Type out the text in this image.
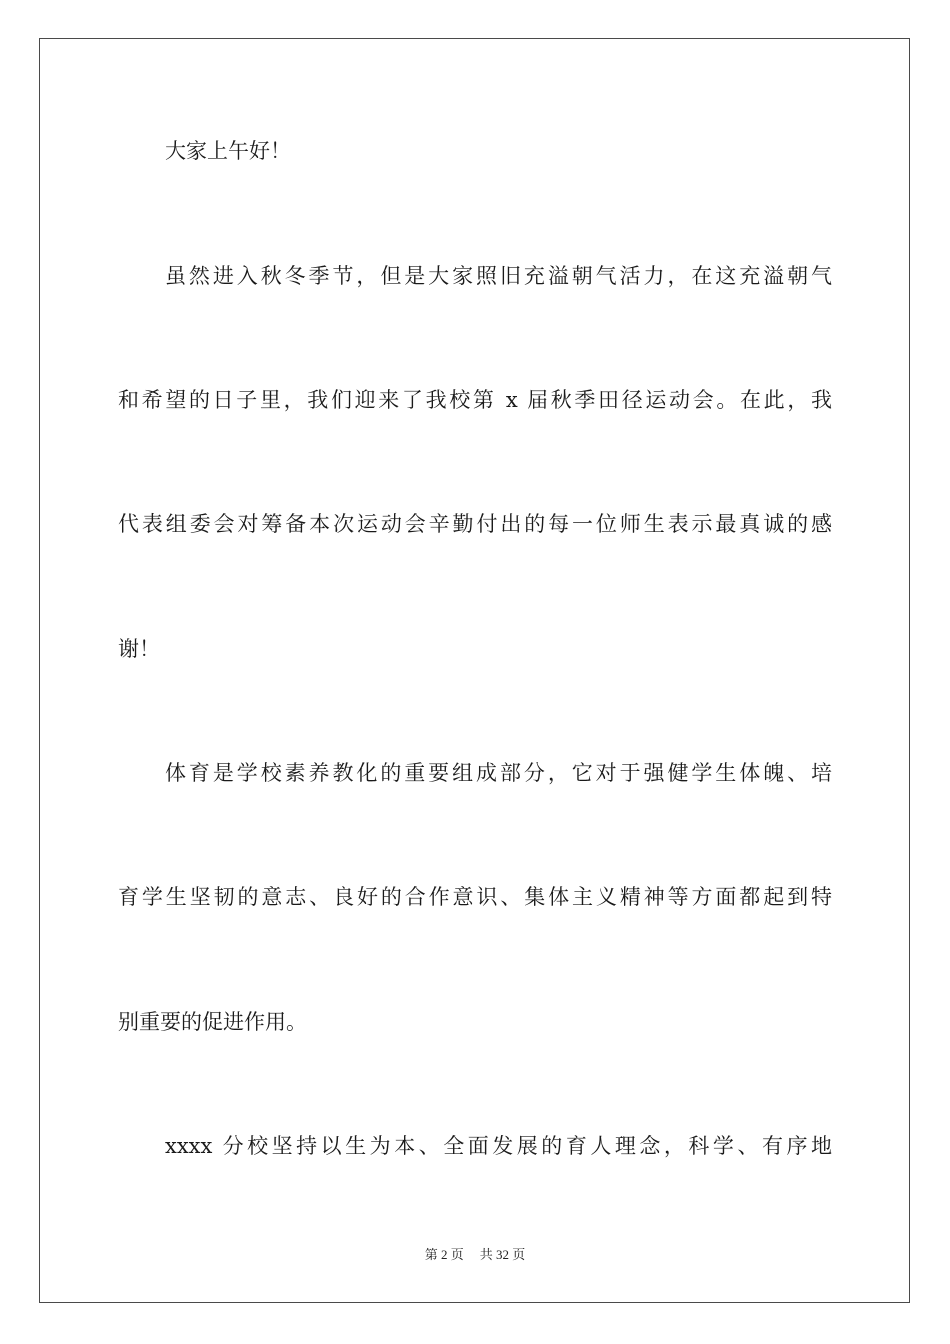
大家上午好！
虽然进入秋冬季节，但是大家照旧充溢朝气活力，在这充溢朝气
和希望的日子里，我们迎来了我校第 x 届秋季田径运动会。在此，我
代表组委会对筹备本次运动会辛勤付出的每一位师生表示最真诚的感
谢！
体育是学校素养教化的重要组成部分，它对于强健学生体魄、培
育学生坚韧的意志、良好的合作意识、集体主义精神等方面都起到特
别重要的促进作用。
xxxx 分校坚持以生为本、全面发展的育人理念，科学、有序地
第 2 页 共 32 页
